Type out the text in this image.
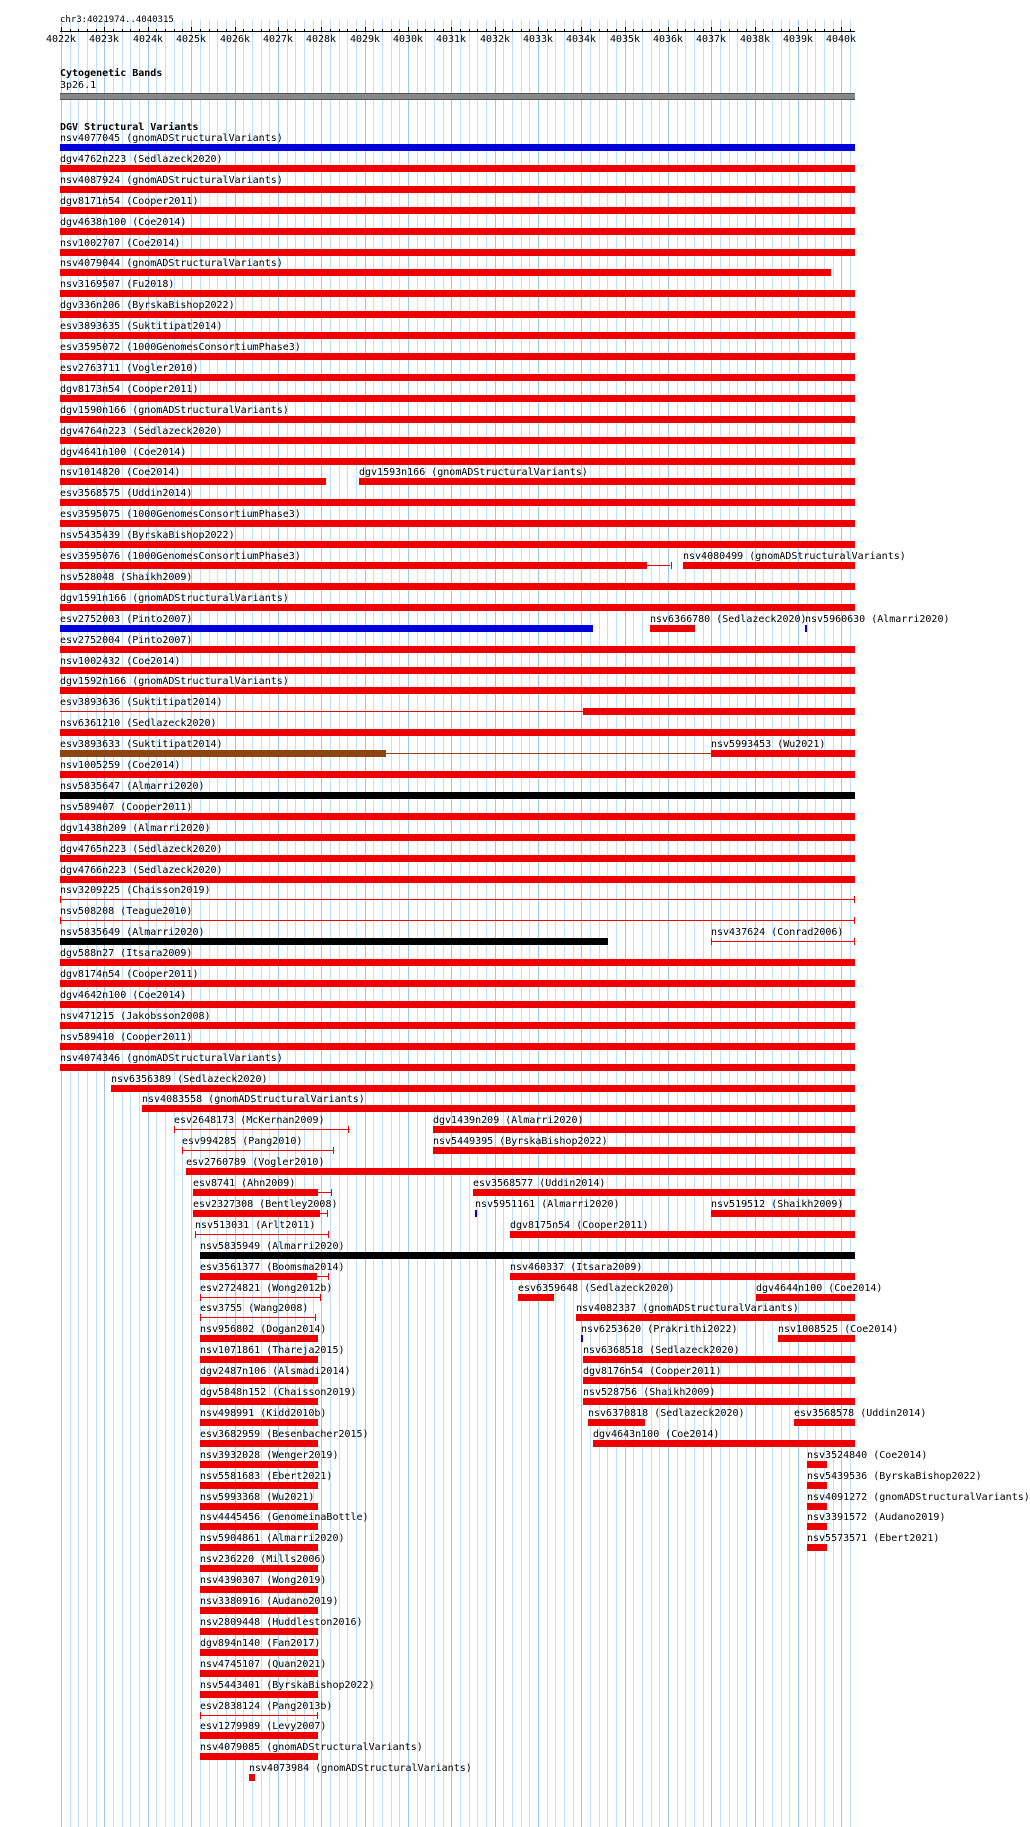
chr3:4021974..4040315
4022k 4023k 4024k 4025k 4026k 4027k 4028k 4029k 4030k 4031k 4032k 4033k 4034k 4035k 4036k 4037k 4038k 4039k 4040k
Cytogenetic Bands
3p26.1
DGV Structural Variants
nsv4077045 (gnomADStructuralVariants)
dgv4762n223 (Sedlazeck2020)
nsv4087924 (gnomADStructuralVariants)
dgv8171n54 (Cooper2011)
dgv4638n100 (Coe2014)
nsv1002707 (Coe2014)
nsv4079044 (gnomADStructuralVariants)
nsv3169507 (Fu2018)
dgv336n206 (ByrskaBishop2022)
esv3893635 (Suktitipat2014)
esv3595072 (1000GenomesConsortiumPhase3)
esv2763711 (Vogler2010)
dgv8173n54 (Cooper2011)
dgv1590n166 (gnomADStructuralVariants)
dgv4764n223 (Sedlazeck2020)
dgv4641n100 (Coe2014)
nsv1014820 (Coe2014)	dgv1593n166 (gnomADStructuralVariants)
esv3568575 (Uddin2014)
esv3595075 (1000GenomesConsortiumPhase3)
nsv5435439 (ByrskaBishop2022)
esv3595076 (1000GenomesConsortiumPhase3)	nsv4080499 (gnomADStructuralVariants)
nsv528048 (Shaikh2009)
dgv1591n166 (gnomADStructuralVariants)
esv2752003 (Pinto2007)	nsv6366780 (Sedlazeck2020)
nsv5960630 (Almarri2020)
esv2752004 (Pinto2007)
nsv1002432 (Coe2014)
dgv1592n166 (gnomADStructuralVariants)
esv3893636 (Suktitipat2014)
nsv6361210 (Sedlazeck2020)
esv3893633 (Suktitipat2014)	nsv5993453 (Wu2021)
nsv1005259 (Coe2014)
nsv5835647 (Almarri2020)
nsv589407 (Cooper2011)
dgv1438n209 (Almarri2020)
dgv4765n223 (Sedlazeck2020)
dgv4766n223 (Sedlazeck2020)
nsv3209225 (Chaisson2019)
nsv508208 (Teague2010)
nsv5835649 (Almarri2020)	nsv437624 (Conrad2006)
dgv588n27 (Itsara2009)
dgv8174n54 (Cooper2011)
dgv4642n100 (Coe2014)
nsv471215 (Jakobsson2008)
nsv589410 (Cooper2011)
nsv4074346 (gnomADStructuralVariants)
nsv6356389 (Sedlazeck2020)
nsv4083558 (gnomADStructuralVariants)
esv2648173 (McKernan2009)	dgv1439n209 (Almarri2020)
esv994285 (Pang2010)	nsv5449395 (ByrskaBishop2022)
esv2760789 (Vogler2010)
esv8741 (Ahn2009)	esv3568577 (Uddin2014)
esv2327308 (Bentley2008)	nsv5951161 (Almarri2020)	nsv519512 (Shaikh2009)
nsv513031 (Arlt2011)	dgv8175n54 (Cooper2011)
nsv5835949 (Almarri2020)
esv3561377 (Boomsma2014)	nsv460337 (Itsara2009)
esv2724821 (Wong2012b)	esv6359648 (Sedlazeck2020)	dgv4644n100 (Coe2014)
esv3755 (Wang2008)	nsv4082337 (gnomADStructuralVariants)
nsv956802 (Dogan2014)	nsv6253620 (Prakrithi2022)	nsv1008525 (Coe2014)
nsv1071861 (Thareja2015)	nsv6368518 (Sedlazeck2020)
dgv2487n106 (Alsmadi2014)	dgv8176n54 (Cooper2011)
dgv5848n152 (Chaisson2019)	nsv528756 (Shaikh2009)
nsv498991 (Kidd2010b)	nsv6370818 (Sedlazeck2020)	esv3568578 (Uddin2014)
esv3682959 (Besenbacher2015)	dgv4643n100 (Coe2014)
nsv3932028 (Wenger2019)	nsv3524840 (Coe2014)
nsv5581683 (Ebert2021)	nsv5439536 (ByrskaBishop2022)
nsv5993368 (Wu2021)	nsv4091272 (gnomADStructuralVariants)
nsv4445456 (GenomeinaBottle)	nsv3391572 (Audano2019)
nsv5904861 (Almarri2020)	nsv5573571 (Ebert2021)
nsv236220 (Mills2006)
nsv4390307 (Wong2019)
nsv3380916 (Audano2019)
nsv2809448 (Huddleston2016)
dgv894n140 (Fan2017)
nsv4745107 (Quan2021)
nsv5443401 (ByrskaBishop2022)
esv2838124 (Pang2013b)
esv1279989 (Levy2007)
nsv4079085 (gnomADStructuralVariants)
nsv4073984 (gnomADStructuralVariants)
